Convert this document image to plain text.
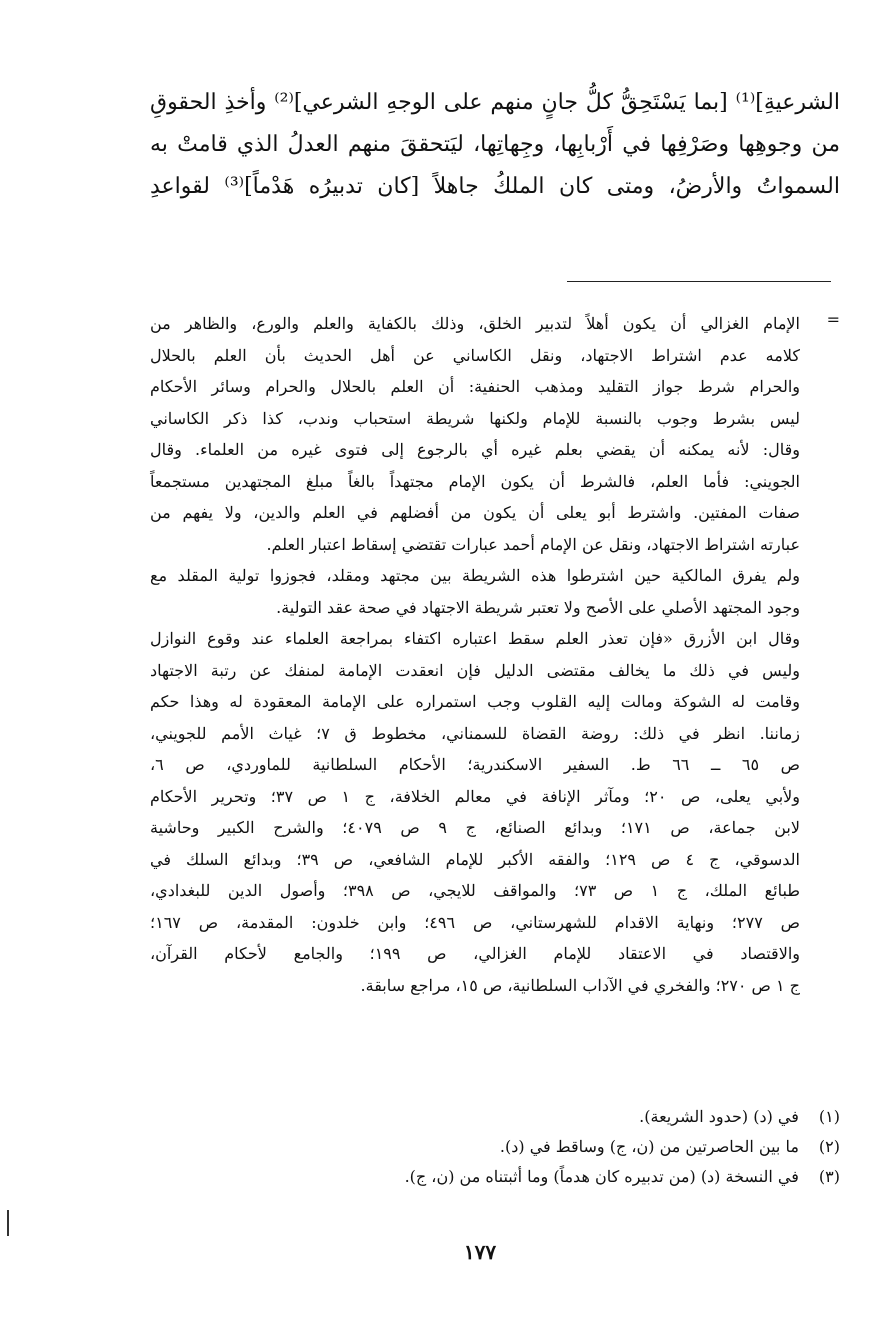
الشرعيةِ]⁽¹⁾ [بما يَسْتَحِقُّ كلُّ جانٍ منهم على الوجهِ الشرعي]⁽²⁾ وأخذِ الحقوقِ
من وجوهِها وصَرْفِها في أَرْبابِها، وجِهاتِها، ليَتحققَ منهم العدلُ الذي قامتْ به
السمواتُ والأرضُ، ومتى كان الملكُ جاهلاً [كان تدبيرُه هَدْماً]⁽³⁾ لقواعدِ
=
الإمام الغزالي أن يكون أهلاً لتدبير الخلق، وذلك بالكفاية والعلم والورع، والظاهر من
كلامه عدم اشتراط الاجتهاد، ونقل الكاساني عن أهل الحديث بأن العلم بالحلال
والحرام شرط جواز التقليد ومذهب الحنفية: أن العلم بالحلال والحرام وسائر الأحكام
ليس بشرط وجوب بالنسبة للإمام ولكنها شريطة استحباب وندب، كذا ذكر الكاساني
وقال: لأنه يمكنه أن يقضي بعلم غيره أي بالرجوع إلى فتوى غيره من العلماء. وقال
الجويني: فأما العلم، فالشرط أن يكون الإمام مجتهداً بالغاً مبلغ المجتهدين مستجمعاً
صفات المفتين. واشترط أبو يعلى أن يكون من أفضلهم في العلم والدين، ولا يفهم من
عبارته اشتراط الاجتهاد، ونقل عن الإمام أحمد عبارات تقتضي إسقاط اعتبار العلم.
ولم يفرق المالكية حين اشترطوا هذه الشريطة بين مجتهد ومقلد، فجوزوا تولية المقلد مع
وجود المجتهد الأصلي على الأصح ولا تعتبر شريطة الاجتهاد في صحة عقد التولية.
وقال ابن الأزرق «فإن تعذر العلم سقط اعتباره اكتفاء بمراجعة العلماء عند وقوع النوازل
وليس في ذلك ما يخالف مقتضى الدليل فإن انعقدت الإمامة لمنفك عن رتبة الاجتهاد
وقامت له الشوكة ومالت إليه القلوب وجب استمراره على الإمامة المعقودة له وهذا حكم
زماننا. انظر في ذلك: روضة القضاة للسمناني، مخطوط ق ٧؛ غياث الأمم للجويني،
ص ٦٥ ــ ٦٦ ط. السفير الاسكندرية؛ الأحكام السلطانية للماوردي، ص ٦،
ولأبي يعلى، ص ٢٠؛ ومآثر الإنافة في معالم الخلافة، ج ١ ص ٣٧؛ وتحرير الأحكام
لابن جماعة، ص ١٧١؛ وبدائع الصنائع، ج ٩ ص ٤٠٧٩؛ والشرح الكبير وحاشية
الدسوقي، ج ٤ ص ١٢٩؛ والفقه الأكبر للإمام الشافعي، ص ٣٩؛ وبدائع السلك في
طبائع الملك، ج ١ ص ٧٣؛ والمواقف للايجي، ص ٣٩٨؛ وأصول الدين للبغدادي،
ص ٢٧٧؛ ونهاية الاقدام للشهرستاني، ص ٤٩٦؛ وابن خلدون: المقدمة، ص ١٦٧؛
والاقتصاد في الاعتقاد للإمام الغزالي، ص ١٩٩؛ والجامع لأحكام القرآن،
ج ١ ص ٢٧٠؛ والفخري في الآداب السلطانية، ص ١٥، مراجع سابقة.
(١) في (د) (حدود الشريعة).
(٢) ما بين الحاصرتين من (ن، ج) وساقط في (د).
(٣) في النسخة (د) (من تدبيره كان هدماً) وما أثبتناه من (ن، ج).
١٧٧
